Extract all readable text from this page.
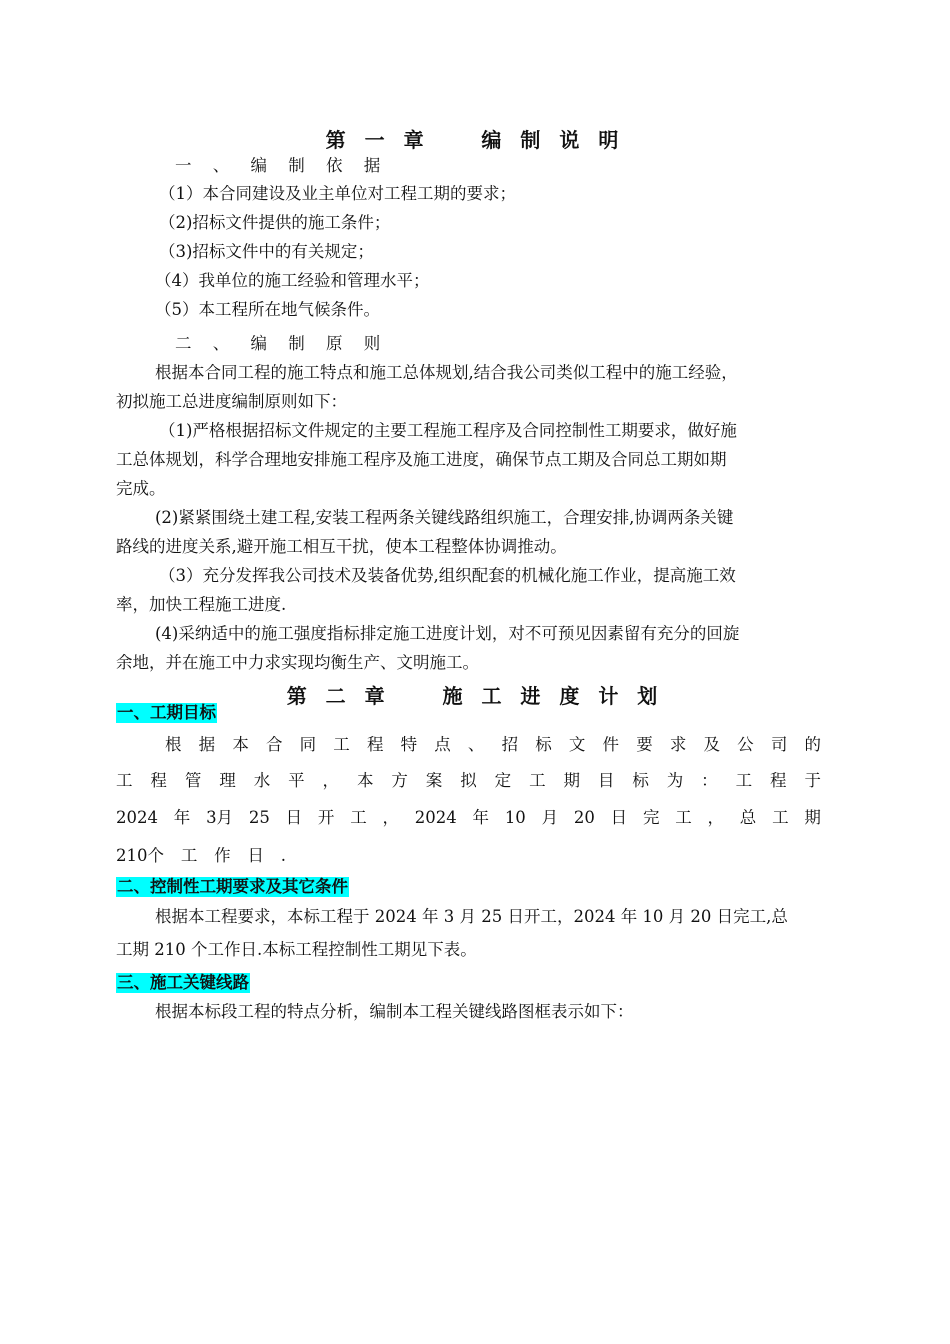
第 一 章    编 制 说 明
一 、 编 制 依 据
（1）本合同建设及业主单位对工程工期的要求；
（2)招标文件提供的施工条件；
（3)招标文件中的有关规定；
（4）我单位的施工经验和管理水平；
（5）本工程所在地气候条件。
二 、 编 制 原 则
根据本合同工程的施工特点和施工总体规划,结合我公司类似工程中的施工经验，
初拟施工总进度编制原则如下：
（1)严格根据招标文件规定的主要工程施工程序及合同控制性工期要求，做好施
工总体规划，科学合理地安排施工程序及施工进度，确保节点工期及合同总工期如期
完成。
(2)紧紧围绕土建工程,安装工程两条关键线路组织施工，合理安排,协调两条关键
路线的进度关系,避开施工相互干扰，使本工程整体协调推动。
（3）充分发挥我公司技术及装备优势,组织配套的机械化施工作业，提高施工效
率，加快工程施工进度.
(4)采纳适中的施工强度指标排定施工进度计划，对不可预见因素留有充分的回旋
余地，并在施工中力求实现均衡生产、文明施工。
第 二 章    施 工 进 度 计 划
一、工期目标
根 据 本 合 同 工 程 特 点 、 招 标 文 件 要 求 及 公 司 的
工 程 管 理 水 平 ， 本 方 案 拟 定 工 期 目 标 为 ： 工 程 于
2024 年 3月 25 日 开 工 ， 2024 年 10 月 20 日 完 工 ， 总 工 期
210个 工 作 日 .
二、控制性工期要求及其它条件
根据本工程要求，本标工程于 2024 年 3 月 25 日开工，2024 年 10 月 20 日完工,总
工期 210 个工作日.本标工程控制性工期见下表。
三、施工关键线路
根据本标段工程的特点分析，编制本工程关键线路图框表示如下：
